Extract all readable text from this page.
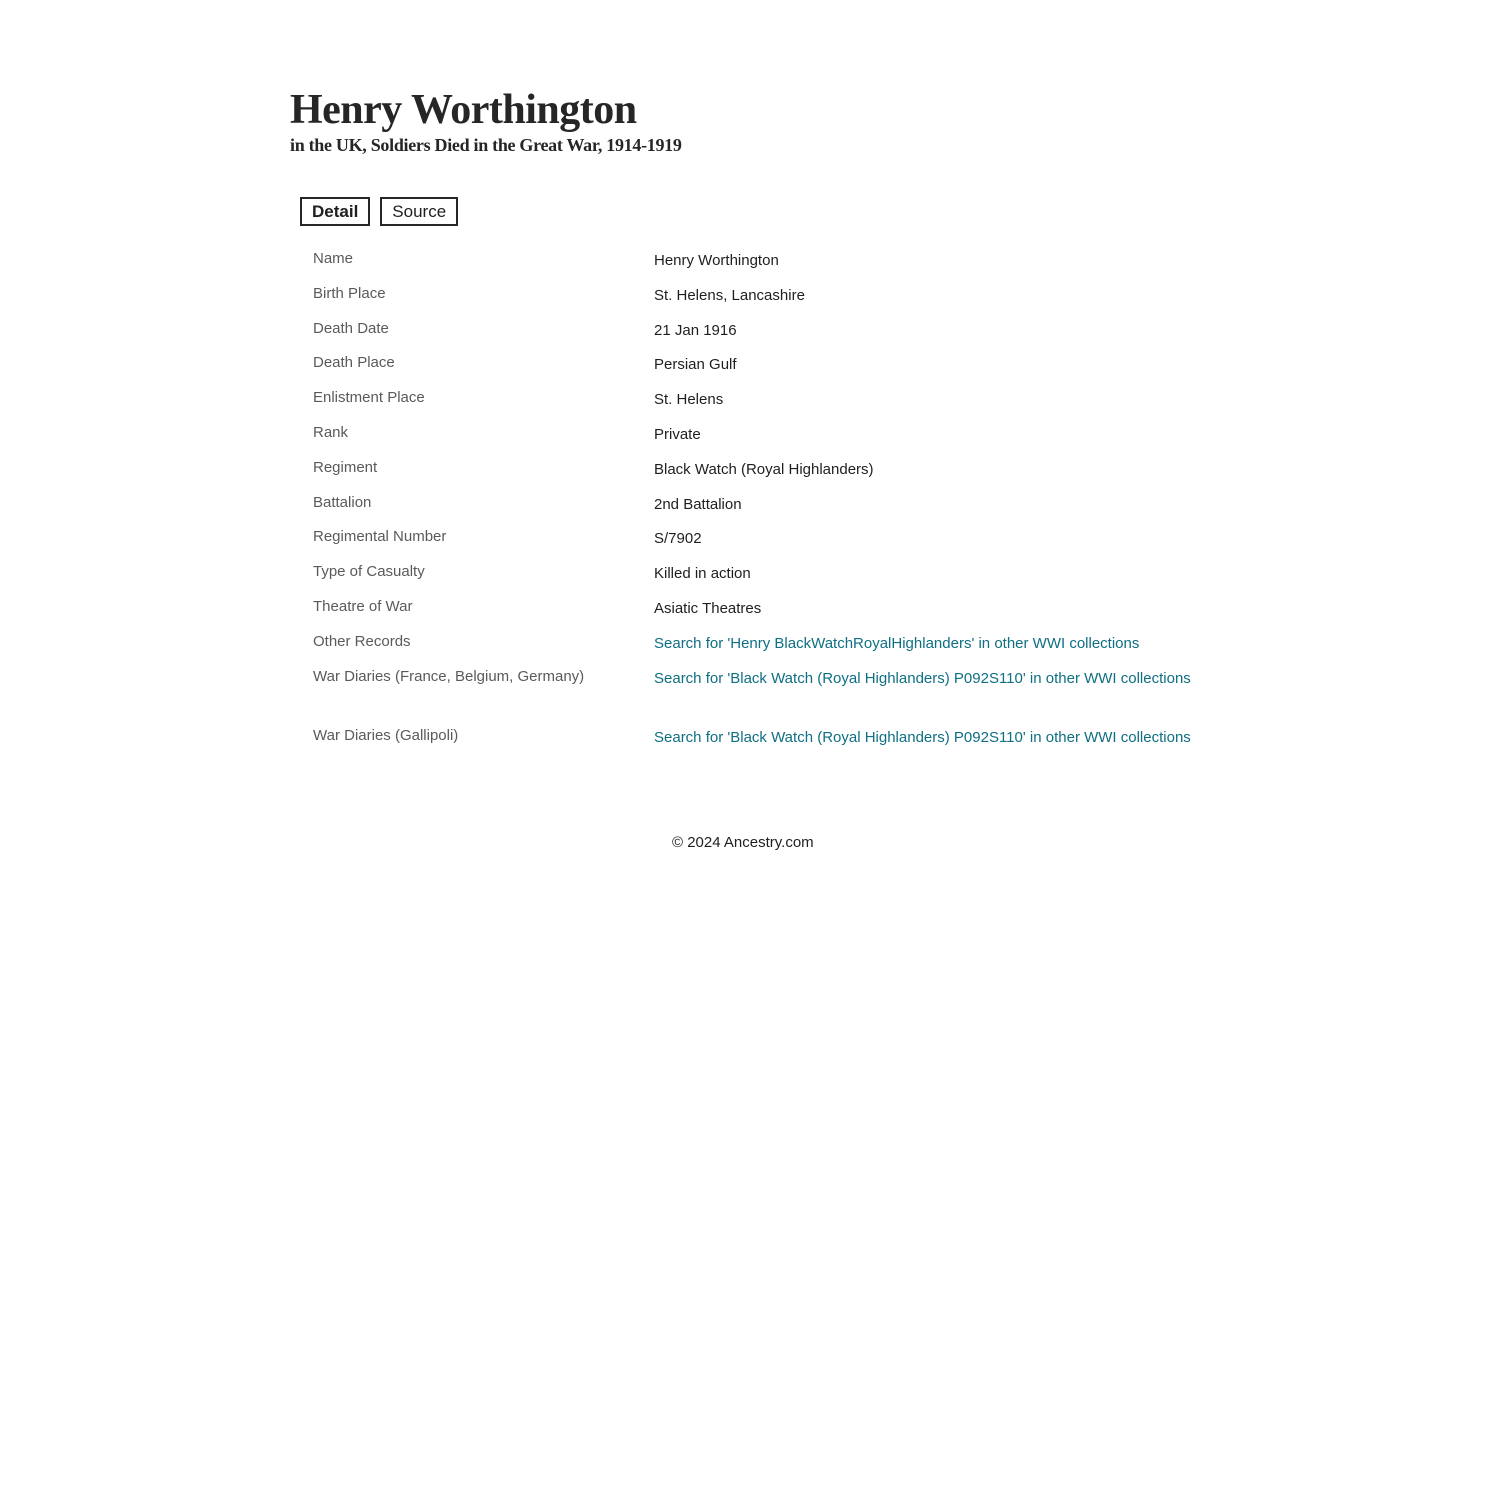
Henry Worthington

in the UK, Soldiers Died in the Great War, 1914-1919

Detail	Source
Name	Henry Worthington
Birth Place	St. Helens, Lancashire
Death Date	21 Jan 1916
Death Place	Persian Gulf
Enlistment Place	St. Helens
Rank	Private
Regiment	Black Watch (Royal Highlanders)
Battalion	2nd Battalion
Regimental Number	S/7902
Type of Casualty	Killed in action
Theatre of War	Asiatic Theatres
Other Records	Search for 'Henry BlackWatchRoyalHighlanders' in other WWI collections
War Diaries (France, Belgium, Germany)	Search for 'Black Watch (Royal Highlanders) P092S110' in other WWI collections
War Diaries (Gallipoli)	Search for 'Black Watch (Royal Highlanders) P092S110' in other WWI collections
© 2024 Ancestry.com
